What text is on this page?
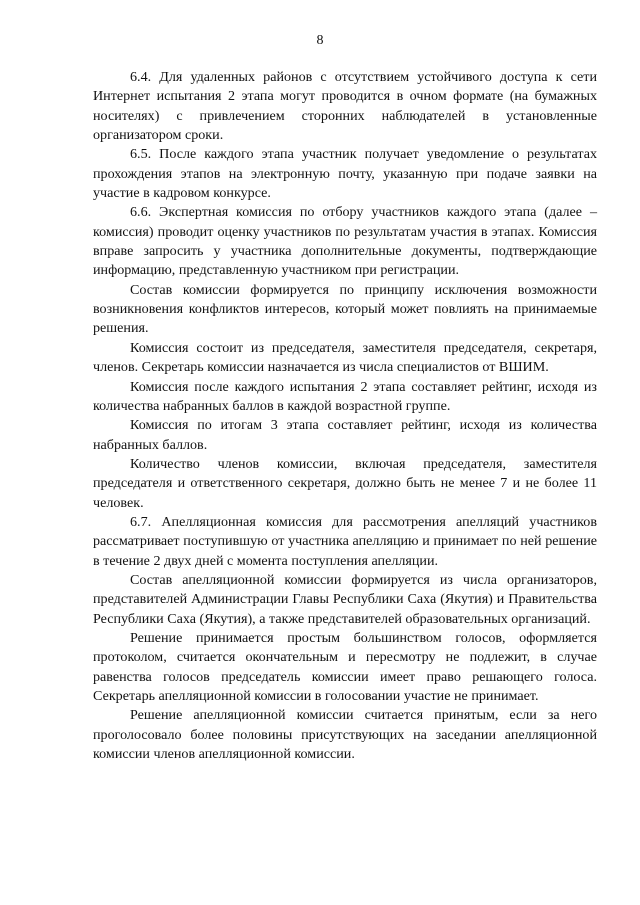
8

6.4. Для удаленных районов с отсутствием устойчивого доступа к сети Интернет испытания 2 этапа могут проводится в очном формате (на бумажных носителях) с привлечением сторонних наблюдателей в установленные организатором сроки.

6.5. После каждого этапа участник получает уведомление о результатах прохождения этапов на электронную почту, указанную при подаче заявки на участие в кадровом конкурсе.

6.6. Экспертная комиссия по отбору участников каждого этапа (далее – комиссия) проводит оценку участников по результатам участия в этапах. Комиссия вправе запросить у участника дополнительные документы, подтверждающие информацию, представленную участником при регистрации.

Состав комиссии формируется по принципу исключения возможности возникновения конфликтов интересов, который может повлиять на принимаемые решения.

Комиссия состоит из председателя, заместителя председателя, секретаря, членов. Секретарь комиссии назначается из числа специалистов от ВШИМ.

Комиссия после каждого испытания 2 этапа составляет рейтинг, исходя из количества набранных баллов в каждой возрастной группе.

Комиссия по итогам 3 этапа составляет рейтинг, исходя из количества набранных баллов.

Количество членов комиссии, включая председателя, заместителя председателя и ответственного секретаря, должно быть не менее 7 и не более 11 человек.

6.7. Апелляционная комиссия для рассмотрения апелляций участников рассматривает поступившую от участника апелляцию и принимает по ней решение в течение 2 двух дней с момента поступления апелляции.

Состав апелляционной комиссии формируется из числа организаторов, представителей Администрации Главы Республики Саха (Якутия) и Правительства Республики Саха (Якутия), а также представителей образовательных организаций.

Решение принимается простым большинством голосов, оформляется протоколом, считается окончательным и пересмотру не подлежит, в случае равенства голосов председатель комиссии имеет право решающего голоса. Секретарь апелляционной комиссии в голосовании участие не принимает.

Решение апелляционной комиссии считается принятым, если за него проголосовало более половины присутствующих на заседании апелляционной комиссии членов апелляционной комиссии.
